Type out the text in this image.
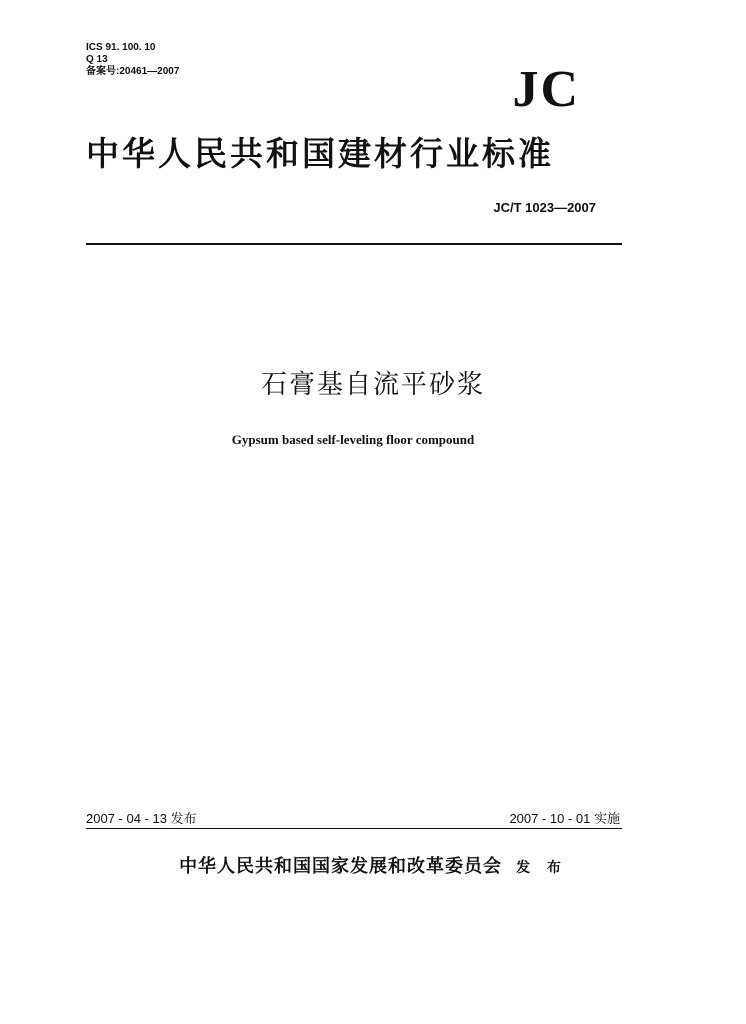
ICS 91. 100. 10
Q 13
备案号:20461—2007	JC
中华人民共和国建材行业标准
JC/T 1023—2007
石膏基自流平砂浆
Gypsum based self-leveling floor compound
2007 - 04 - 13 发布	2007 - 10 - 01 实施
中华人民共和国国家发展和改革委员会 发 布
